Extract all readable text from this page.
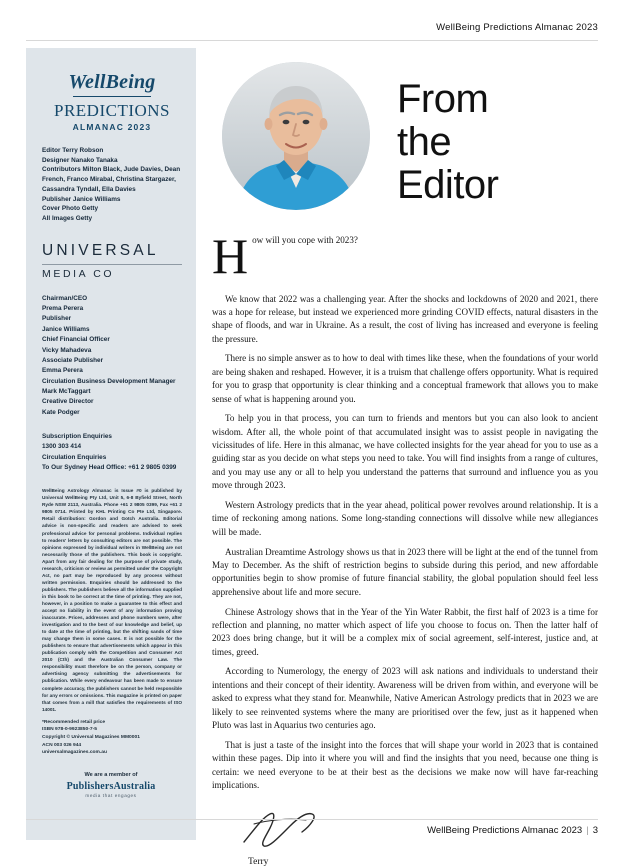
WellBeing Predictions Almanac 2023
WellBeing
PREDICTIONS
ALMANAC 2023
Editor Terry Robson
Designer Nanako Tanaka
Contributors Milton Black, Jude Davies, Dean French, Franco Mirabal, Christina Stargazer, Cassandra Tyndall, Ella Davies
Publisher Janice Williams
Cover Photo Getty
All Images Getty
UNIVERSAL
MEDIA CO
Chairman/CEO
Prema Perera
Publisher
Janice Williams
Chief Financial Officer
Vicky Mahadeva
Associate Publisher
Emma Perera
Circulation Business Development Manager
Mark McTaggart
Creative Director
Kate Podger
Subscription Enquiries
1300 303 414
Circulation Enquiries
To Our Sydney Head Office: +61 2 9805 0399

WellBeing Astrology Almanac is Issue #0 is published by Universal WellBeing Pty Ltd, Unit 5, 6-8 Byfield Street, North Ryde NSW 2113, Australia. Phone +61 2 9805 0399, Fax +61 2 9805 0714. Printed by KHL Printing Co Pte Ltd, Singapore. Retail distribution: Gordon and Gotch Australia. Editorial advice is non-specific and readers are advised to seek professional advice for personal problems. Individual replies to readers' letters by consulting editors are not possible. The opinions expressed by individual writers in WellBeing are not necessarily those of the publishers. This book is copyright. Apart from any fair dealing for the purpose of private study, research, criticism or review as permitted under the Copyright Act, no part may be reproduced by any process without written permission. Enquiries should be addressed to the publishers. The publishers believe all the information supplied in this book to be correct at the time of printing. They are not, however, in a position to make a guarantee to this effect and accept no liability in the event of any information proving inaccurate. Prices, addresses and phone numbers were, after investigation and to the best of our knowledge and belief, up to date at the time of printing, but the shifting sands of time may change them in some cases. It is not possible for the publishers to ensure that advertisements which appear in this publication comply with the Competition and Consumer Act 2010 (Cth) and the Australian Consumer Law. The responsibility must therefore be on the person, company or advertising agency submitting the advertisements for publication. While every endeavour has been made to ensure complete accuracy, the publishers cannot be held responsible for any errors or omissions. This magazine is printed on paper that comes from a mill that satisfies the requirements of ISO 14001.

*Recommended retail price
ISBN 978-0-9923850-7-5
Copyright © Universal Magazines MM0001
ACN 003 026 944
universalmagazines.com.au
We are a member of
PublishersAustralia
media that engages
From
the
Editor

How will you cope with 2023?

We know that 2022 was a challenging year. After the shocks and lockdowns of 2020 and 2021, there was a hope for release, but instead we experienced more grinding COVID effects, natural disasters in the shape of floods, and war in Ukraine. As a result, the cost of living has increased and everyone is feeling the pressure.

There is no simple answer as to how to deal with times like these, when the foundations of your world are being shaken and reshaped. However, it is a truism that challenge offers opportunity. What is required for you to grasp that opportunity is clear thinking and a conceptual framework that allows you to make sense of what is happening around you.

To help you in that process, you can turn to friends and mentors but you can also look to ancient wisdom. After all, the whole point of that accumulated insight was to assist people in navigating the vicissitudes of life. Here in this almanac, we have collected insights for the year ahead for you to use as a guiding star as you decide on what steps you need to take. You will find insights from a range of cultures, and you may use any or all to help you understand the patterns that surround and influence you as you move through 2023.

Western Astrology predicts that in the year ahead, political power revolves around relationship. It is a time of reckoning among nations. Some long-standing connections will dissolve while new allegiances will be made.

Australian Dreamtime Astrology shows us that in 2023 there will be light at the end of the tunnel from May to December. As the shift of restriction begins to subside during this period, and new affordable opportunities begin to show promise of future financial stability, the global population should feel less apprehensive about life and more secure.

Chinese Astrology shows that in the Year of the Yin Water Rabbit, the first half of 2023 is a time for reflection and planning, no matter which aspect of life you choose to focus on. Then the latter half of 2023 does bring change, but it will be a complex mix of social agreement, self-interest, justice and, at times, greed.

According to Numerology, the energy of 2023 will ask nations and individuals to understand their intentions and their concept of their identity. Awareness will be driven from within, and everyone will be asked to express what they stand for. Meanwhile, Native American Astrology predicts that in 2023 we are likely to see reinvented systems where the many are prioritised over the few, just as it happened when Pluto was last in Aquarius two centuries ago.

That is just a taste of the insight into the forces that will shape your world in 2023 that is contained within these pages. Dip into it where you will and find the insights that you need, because one thing is certain: we need everyone to be at their best as the decisions we make now will have far-reaching implications.

Terry
WellBeing Predictions Almanac 2023 | 3
